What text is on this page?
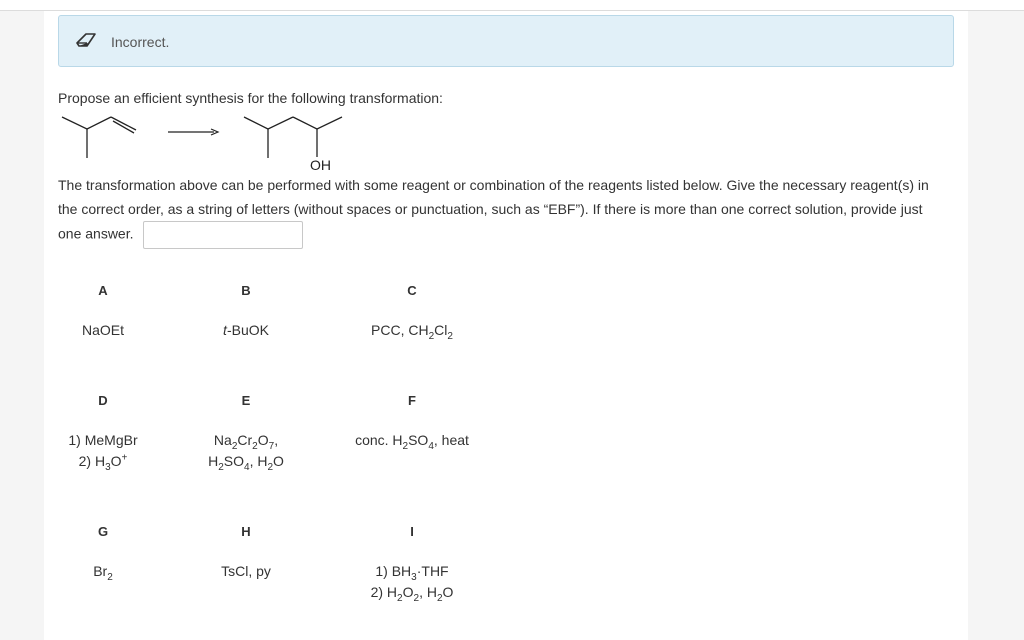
Incorrect.
Propose an efficient synthesis for the following transformation:
OH
The transformation above can be performed with some reagent or combination of the reagents listed below. Give the necessary reagent(s) in the correct order, as a string of letters (without spaces or punctuation, such as “EBF”). If there is more than one correct solution, provide just one answer.
A
NaOEt
B
t-BuOK
C
PCC, $CH_2Cl_2$
D
1) MeMgBr
2) $H_3O^+$
E
$Na_2Cr_2O_7$,
$H_2SO_4$, $H_2O$
F
conc. $H_2SO_4$, heat
G
$Br_2$
H
TsCl, py
I
1) $BH_3\cdot THF$
2) $H_2O_2$, $H_2O$
